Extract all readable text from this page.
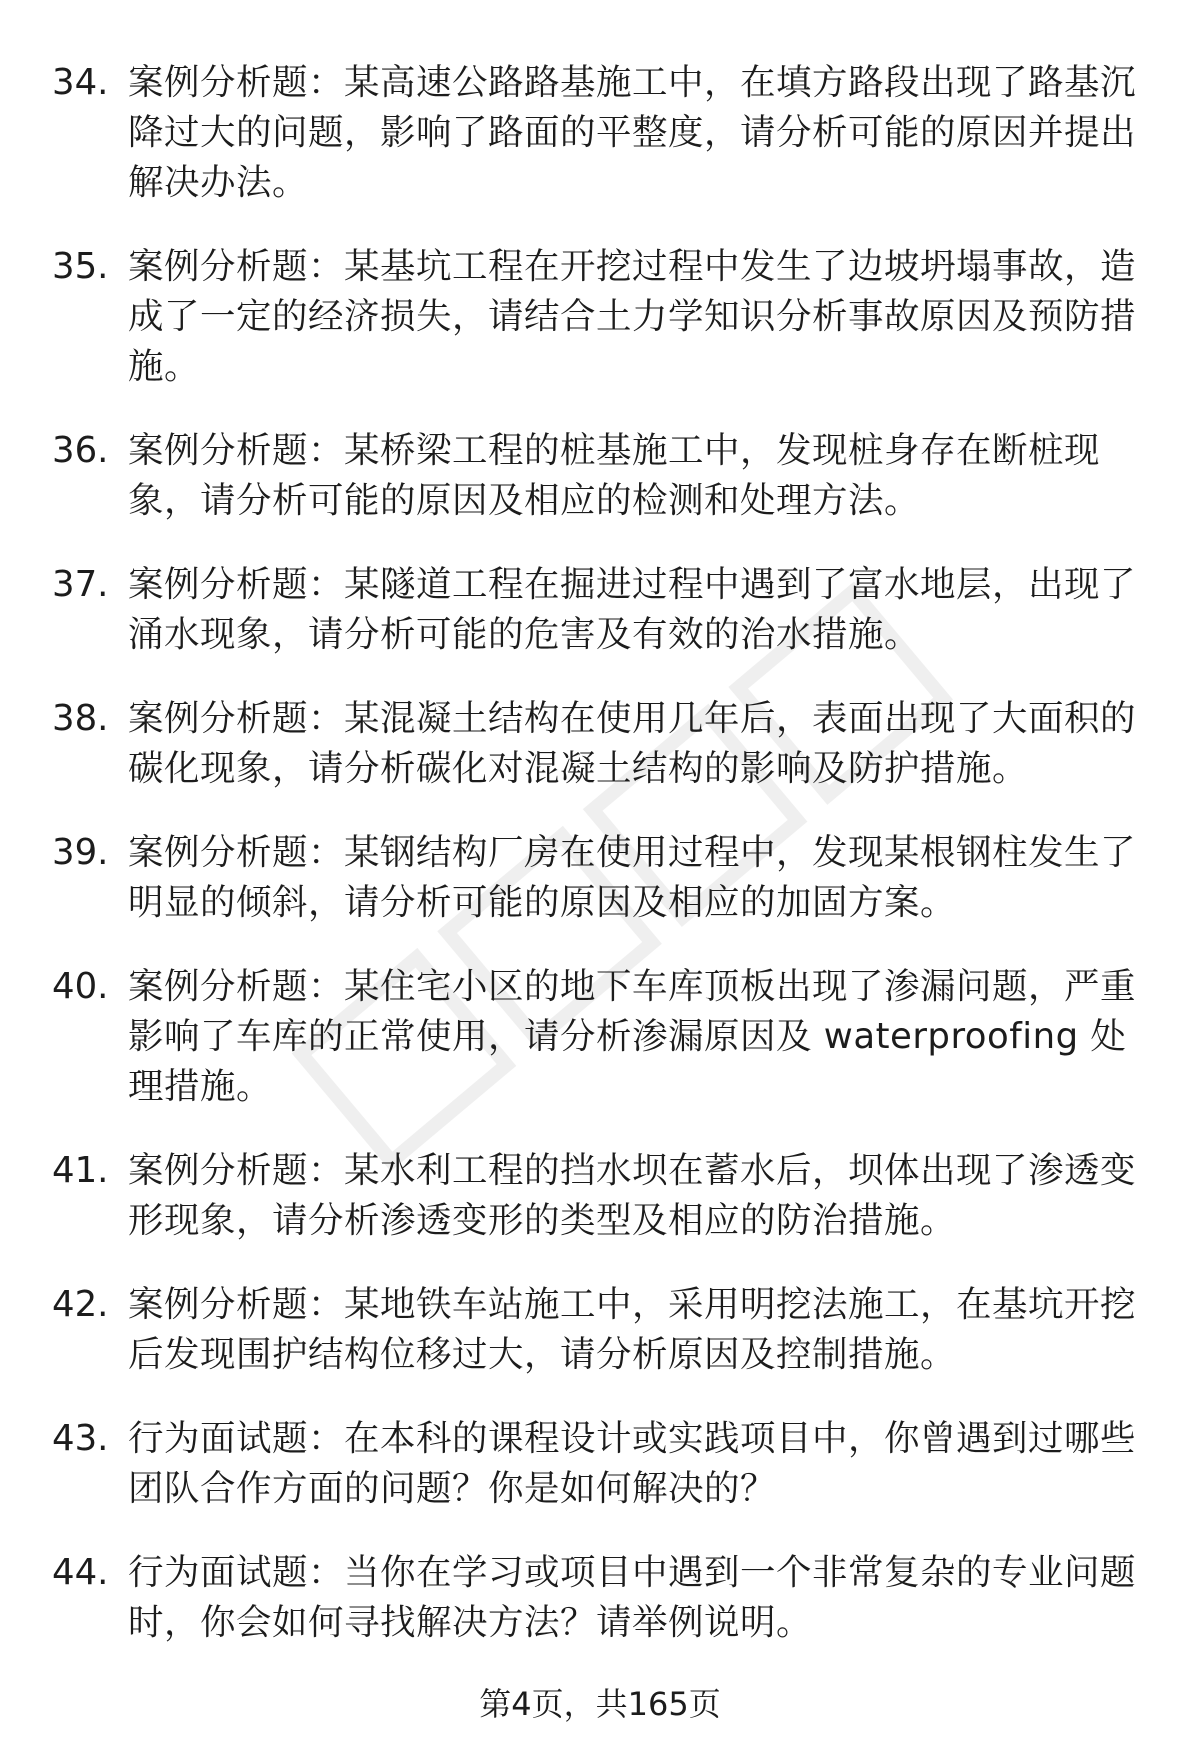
34. 案例分析题：某高速公路路基施工中，在填方路段出现了路基沉降过大的问题，影响了路面的平整度，请分析可能的原因并提出解决办法。
35. 案例分析题：某基坑工程在开挖过程中发生了边坡坍塌事故，造成了一定的经济损失，请结合土力学知识分析事故原因及预防措施。
36. 案例分析题：某桥梁工程的桩基施工中，发现桩身存在断桩现象，请分析可能的原因及相应的检测和处理方法。
37. 案例分析题：某隧道工程在掘进过程中遇到了富水地层，出现了涌水现象，请分析可能的危害及有效的治水措施。
38. 案例分析题：某混凝土结构在使用几年后，表面出现了大面积的碳化现象，请分析碳化对混凝土结构的影响及防护措施。
39. 案例分析题：某钢结构厂房在使用过程中，发现某根钢柱发生了明显的倾斜，请分析可能的原因及相应的加固方案。
40. 案例分析题：某住宅小区的地下车库顶板出现了渗漏问题，严重影响了车库的正常使用，请分析渗漏原因及 waterproofing 处理措施。
41. 案例分析题：某水利工程的挡水坝在蓄水后，坝体出现了渗透变形现象，请分析渗透变形的类型及相应的防治措施。
42. 案例分析题：某地铁车站施工中，采用明挖法施工，在基坑开挖后发现围护结构位移过大，请分析原因及控制措施。
43. 行为面试题：在本科的课程设计或实践项目中，你曾遇到过哪些团队合作方面的问题？你是如何解决的？
44. 行为面试题：当你在学习或项目中遇到一个非常复杂的专业问题时，你会如何寻找解决方法？请举例说明。
第4页，共165页
